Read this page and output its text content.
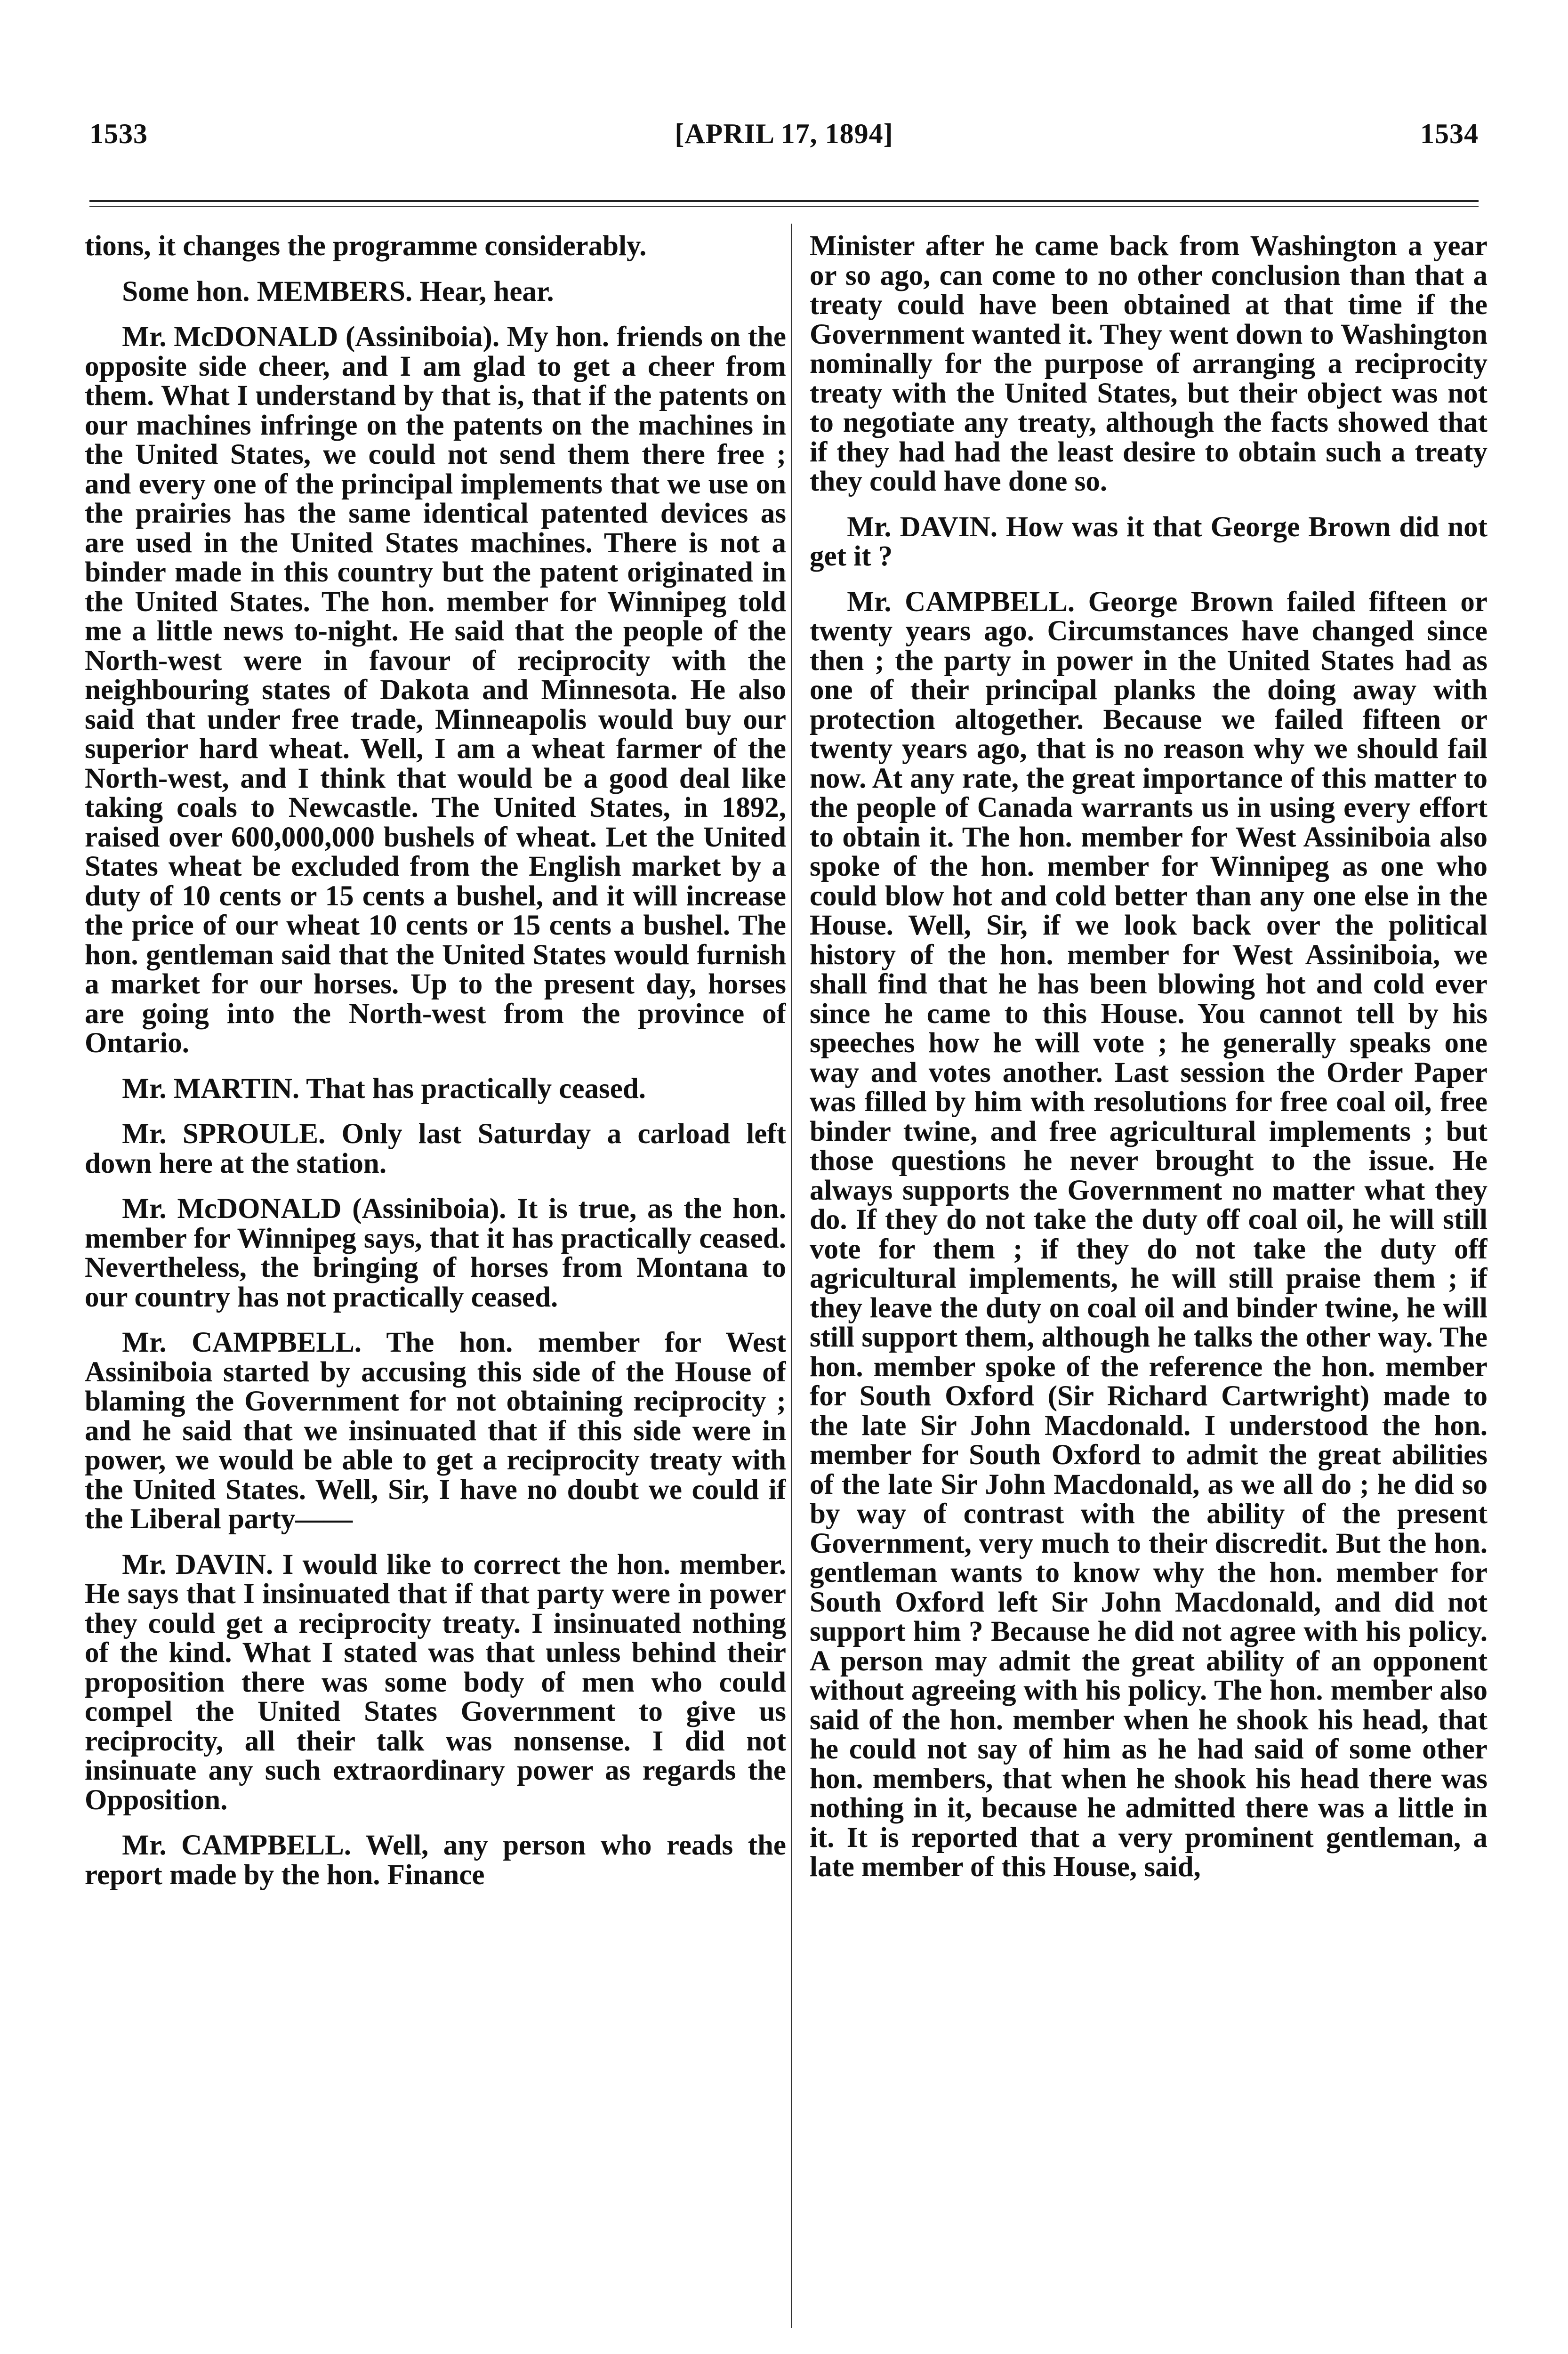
1533	[APRIL 17, 1894]	1534

tions, it changes the programme considerably.

Some hon. MEMBERS. Hear, hear.

Mr. McDONALD (Assiniboia). My hon. friends on the opposite side cheer, and I am glad to get a cheer from them. What I understand by that is, that if the patents on our machines infringe on the patents on the machines in the United States, we could not send them there free ; and every one of the principal implements that we use on the prairies has the same identical patented devices as are used in the United States machines. There is not a binder made in this country but the patent originated in the United States. The hon. member for Winnipeg told me a little news to-night. He said that the people of the North-west were in favour of reciprocity with the neighbouring states of Dakota and Minnesota. He also said that under free trade, Minneapolis would buy our superior hard wheat. Well, I am a wheat farmer of the North-west, and I think that would be a good deal like taking coals to Newcastle. The United States, in 1892, raised over 600,000,000 bushels of wheat. Let the United States wheat be excluded from the English market by a duty of 10 cents or 15 cents a bushel, and it will increase the price of our wheat 10 cents or 15 cents a bushel. The hon. gentleman said that the United States would furnish a market for our horses. Up to the present day, horses are going into the North-west from the province of Ontario.

Mr. MARTIN. That has practically ceased.

Mr. SPROULE. Only last Saturday a carload left down here at the station.

Mr. McDONALD (Assiniboia). It is true, as the hon. member for Winnipeg says, that it has practically ceased. Nevertheless, the bringing of horses from Montana to our country has not practically ceased.

Mr. CAMPBELL. The hon. member for West Assiniboia started by accusing this side of the House of blaming the Government for not obtaining reciprocity ; and he said that we insinuated that if this side were in power, we would be able to get a reciprocity treaty with the United States. Well, Sir, I have no doubt we could if the Liberal party——

Mr. DAVIN. I would like to correct the hon. member. He says that I insinuated that if that party were in power they could get a reciprocity treaty. I insinuated nothing of the kind. What I stated was that unless behind their proposition there was some body of men who could compel the United States Government to give us reciprocity, all their talk was nonsense. I did not insinuate any such extraordinary power as regards the Opposition.

Mr. CAMPBELL. Well, any person who reads the report made by the hon. Finance

Minister after he came back from Washington a year or so ago, can come to no other conclusion than that a treaty could have been obtained at that time if the Government wanted it. They went down to Washington nominally for the purpose of arranging a reciprocity treaty with the United States, but their object was not to negotiate any treaty, although the facts showed that if they had had the least desire to obtain such a treaty they could have done so.

Mr. DAVIN. How was it that George Brown did not get it ?

Mr. CAMPBELL. George Brown failed fifteen or twenty years ago. Circumstances have changed since then ; the party in power in the United States had as one of their principal planks the doing away with protection altogether. Because we failed fifteen or twenty years ago, that is no reason why we should fail now. At any rate, the great importance of this matter to the people of Canada warrants us in using every effort to obtain it. The hon. member for West Assiniboia also spoke of the hon. member for Winnipeg as one who could blow hot and cold better than any one else in the House. Well, Sir, if we look back over the political history of the hon. member for West Assiniboia, we shall find that he has been blowing hot and cold ever since he came to this House. You cannot tell by his speeches how he will vote ; he generally speaks one way and votes another. Last session the Order Paper was filled by him with resolutions for free coal oil, free binder twine, and free agricultural implements ; but those questions he never brought to the issue. He always supports the Government no matter what they do. If they do not take the duty off coal oil, he will still vote for them ; if they do not take the duty off agricultural implements, he will still praise them ; if they leave the duty on coal oil and binder twine, he will still support them, although he talks the other way. The hon. member spoke of the reference the hon. member for South Oxford (Sir Richard Cartwright) made to the late Sir John Macdonald. I understood the hon. member for South Oxford to admit the great abilities of the late Sir John Macdonald, as we all do ; he did so by way of contrast with the ability of the present Government, very much to their discredit. But the hon. gentleman wants to know why the hon. member for South Oxford left Sir John Macdonald, and did not support him ? Because he did not agree with his policy. A person may admit the great ability of an opponent without agreeing with his policy. The hon. member also said of the hon. member when he shook his head, that he could not say of him as he had said of some other hon. members, that when he shook his head there was nothing in it, because he admitted there was a little in it. It is reported that a very prominent gentleman, a late member of this House, said,
